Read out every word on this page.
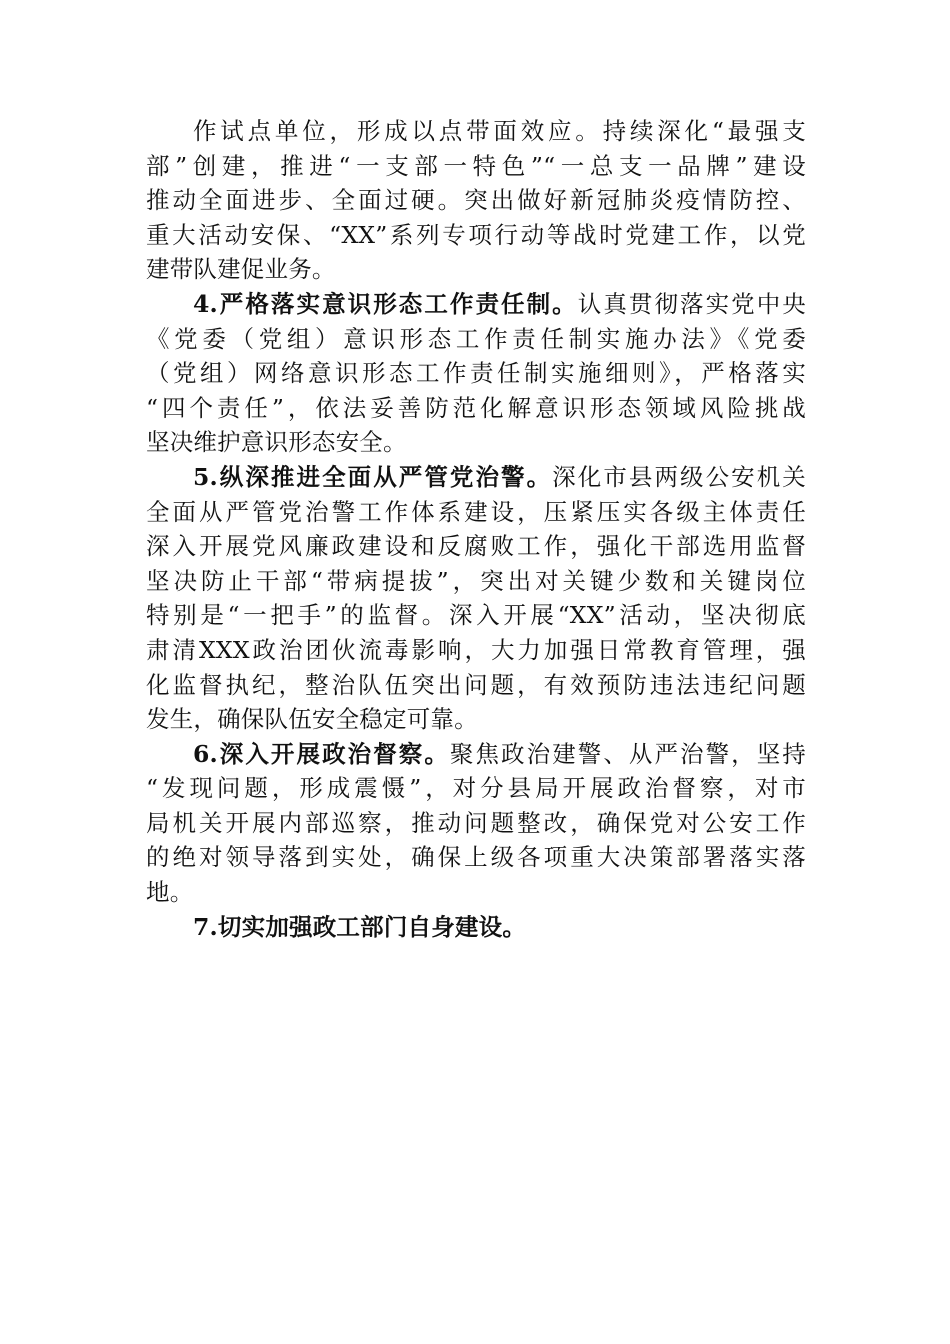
作试点单位，形成以点带面效应。持续深化“最强支
部”创建，推进“一支部一特色”“一总支一品牌”建设
推动全面进步、全面过硬。突出做好新冠肺炎疫情防控、
重大活动安保、“XX”系列专项行动等战时党建工作，以党
建带队建促业务。
4.严格落实意识形态工作责任制。认真贯彻落实党中央
《党委（党组）意识形态工作责任制实施办法》《党委
（党组）网络意识形态工作责任制实施细则》，严格落实
“四个责任”，依法妥善防范化解意识形态领域风险挑战
坚决维护意识形态安全。
5.纵深推进全面从严管党治警。深化市县两级公安机关
全面从严管党治警工作体系建设，压紧压实各级主体责任
深入开展党风廉政建设和反腐败工作，强化干部选用监督
坚决防止干部“带病提拔”，突出对关键少数和关键岗位
特别是“一把手”的监督。深入开展“XX”活动，坚决彻底
肃清XXX政治团伙流毒影响，大力加强日常教育管理，强
化监督执纪，整治队伍突出问题，有效预防违法违纪问题
发生，确保队伍安全稳定可靠。
6.深入开展政治督察。聚焦政治建警、从严治警，坚持
“发现问题，形成震慑”，对分县局开展政治督察，对市
局机关开展内部巡察，推动问题整改，确保党对公安工作
的绝对领导落到实处，确保上级各项重大决策部署落实落
地。
7.切实加强政工部门自身建设。
